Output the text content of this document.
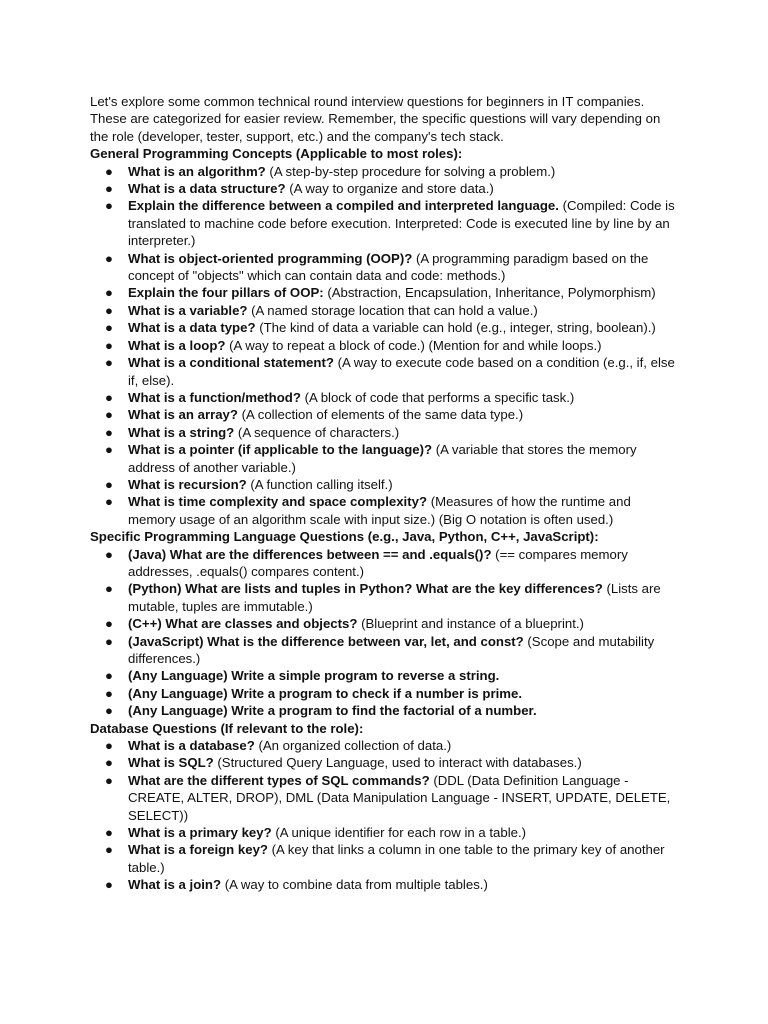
Let's explore some common technical round interview questions for beginners in IT companies. These are categorized for easier review. Remember, the specific questions will vary depending on the role (developer, tester, support, etc.) and the company's tech stack.

General Programming Concepts (Applicable to most roles):
● What is an algorithm? (A step-by-step procedure for solving a problem.)
● What is a data structure? (A way to organize and store data.)
● Explain the difference between a compiled and interpreted language. (Compiled: Code is translated to machine code before execution. Interpreted: Code is executed line by line by an interpreter.)
● What is object-oriented programming (OOP)? (A programming paradigm based on the concept of "objects" which can contain data and code: methods.)
● Explain the four pillars of OOP: (Abstraction, Encapsulation, Inheritance, Polymorphism)
● What is a variable? (A named storage location that can hold a value.)
● What is a data type? (The kind of data a variable can hold (e.g., integer, string, boolean).)
● What is a loop? (A way to repeat a block of code.) (Mention for and while loops.)
● What is a conditional statement? (A way to execute code based on a condition (e.g., if, else if, else).
● What is a function/method? (A block of code that performs a specific task.)
● What is an array? (A collection of elements of the same data type.)
● What is a string? (A sequence of characters.)
● What is a pointer (if applicable to the language)? (A variable that stores the memory address of another variable.)
● What is recursion? (A function calling itself.)
● What is time complexity and space complexity? (Measures of how the runtime and memory usage of an algorithm scale with input size.) (Big O notation is often used.)
Specific Programming Language Questions (e.g., Java, Python, C++, JavaScript):
● (Java) What are the differences between == and .equals()? (== compares memory addresses, .equals() compares content.)
● (Python) What are lists and tuples in Python? What are the key differences? (Lists are mutable, tuples are immutable.)
● (C++) What are classes and objects? (Blueprint and instance of a blueprint.)
● (JavaScript) What is the difference between var, let, and const? (Scope and mutability differences.)
● (Any Language) Write a simple program to reverse a string.
● (Any Language) Write a program to check if a number is prime.
● (Any Language) Write a program to find the factorial of a number.
Database Questions (If relevant to the role):
● What is a database? (An organized collection of data.)
● What is SQL? (Structured Query Language, used to interact with databases.)
● What are the different types of SQL commands? (DDL (Data Definition Language - CREATE, ALTER, DROP), DML (Data Manipulation Language - INSERT, UPDATE, DELETE, SELECT))
● What is a primary key? (A unique identifier for each row in a table.)
● What is a foreign key? (A key that links a column in one table to the primary key of another table.)
● What is a join? (A way to combine data from multiple tables.)
